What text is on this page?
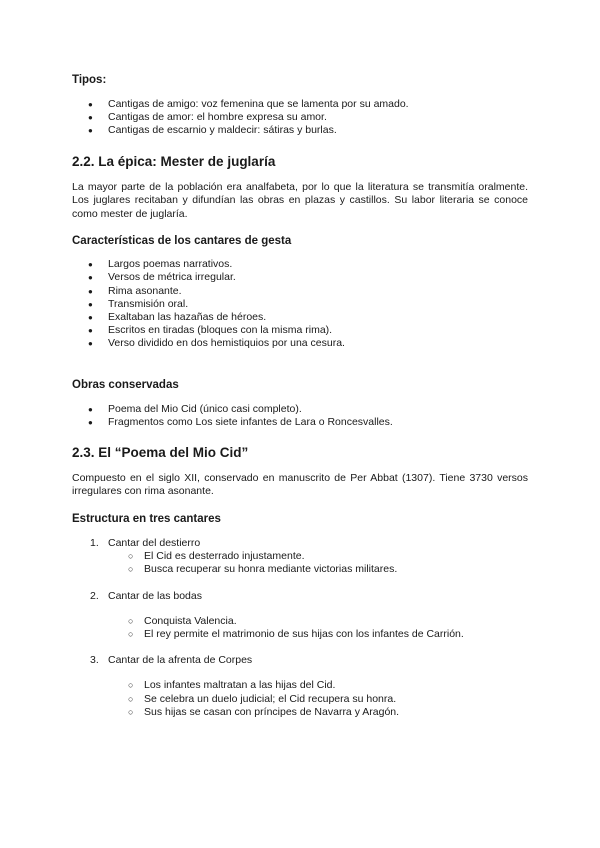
Tipos:

● Cantigas de amigo: voz femenina que se lamenta por su amado.
● Cantigas de amor: el hombre expresa su amor.
● Cantigas de escarnio y maldecir: sátiras y burlas.

2.2. La épica: Mester de juglaría

La mayor parte de la población era analfabeta, por lo que la literatura se transmitía oralmente. Los juglares recitaban y difundían las obras en plazas y castillos. Su labor literaria se conoce como mester de juglaría.

Características de los cantares de gesta

● Largos poemas narrativos.
● Versos de métrica irregular.
● Rima asonante.
● Transmisión oral.
● Exaltaban las hazañas de héroes.
● Escritos en tiradas (bloques con la misma rima).
● Verso dividido en dos hemistiquios por una cesura.

Obras conservadas

● Poema del Mio Cid (único casi completo).
● Fragmentos como Los siete infantes de Lara o Roncesvalles.

2.3. El “Poema del Mio Cid”

Compuesto en el siglo XII, conservado en manuscrito de Per Abbat (1307). Tiene 3730 versos irregulares con rima asonante.

Estructura en tres cantares

1. Cantar del destierro
○ El Cid es desterrado injustamente.
○ Busca recuperar su honra mediante victorias militares.
2. Cantar de las bodas
○ Conquista Valencia.
○ El rey permite el matrimonio de sus hijas con los infantes de Carrión.
3. Cantar de la afrenta de Corpes
○ Los infantes maltratan a las hijas del Cid.
○ Se celebra un duelo judicial; el Cid recupera su honra.
○ Sus hijas se casan con príncipes de Navarra y Aragón.
